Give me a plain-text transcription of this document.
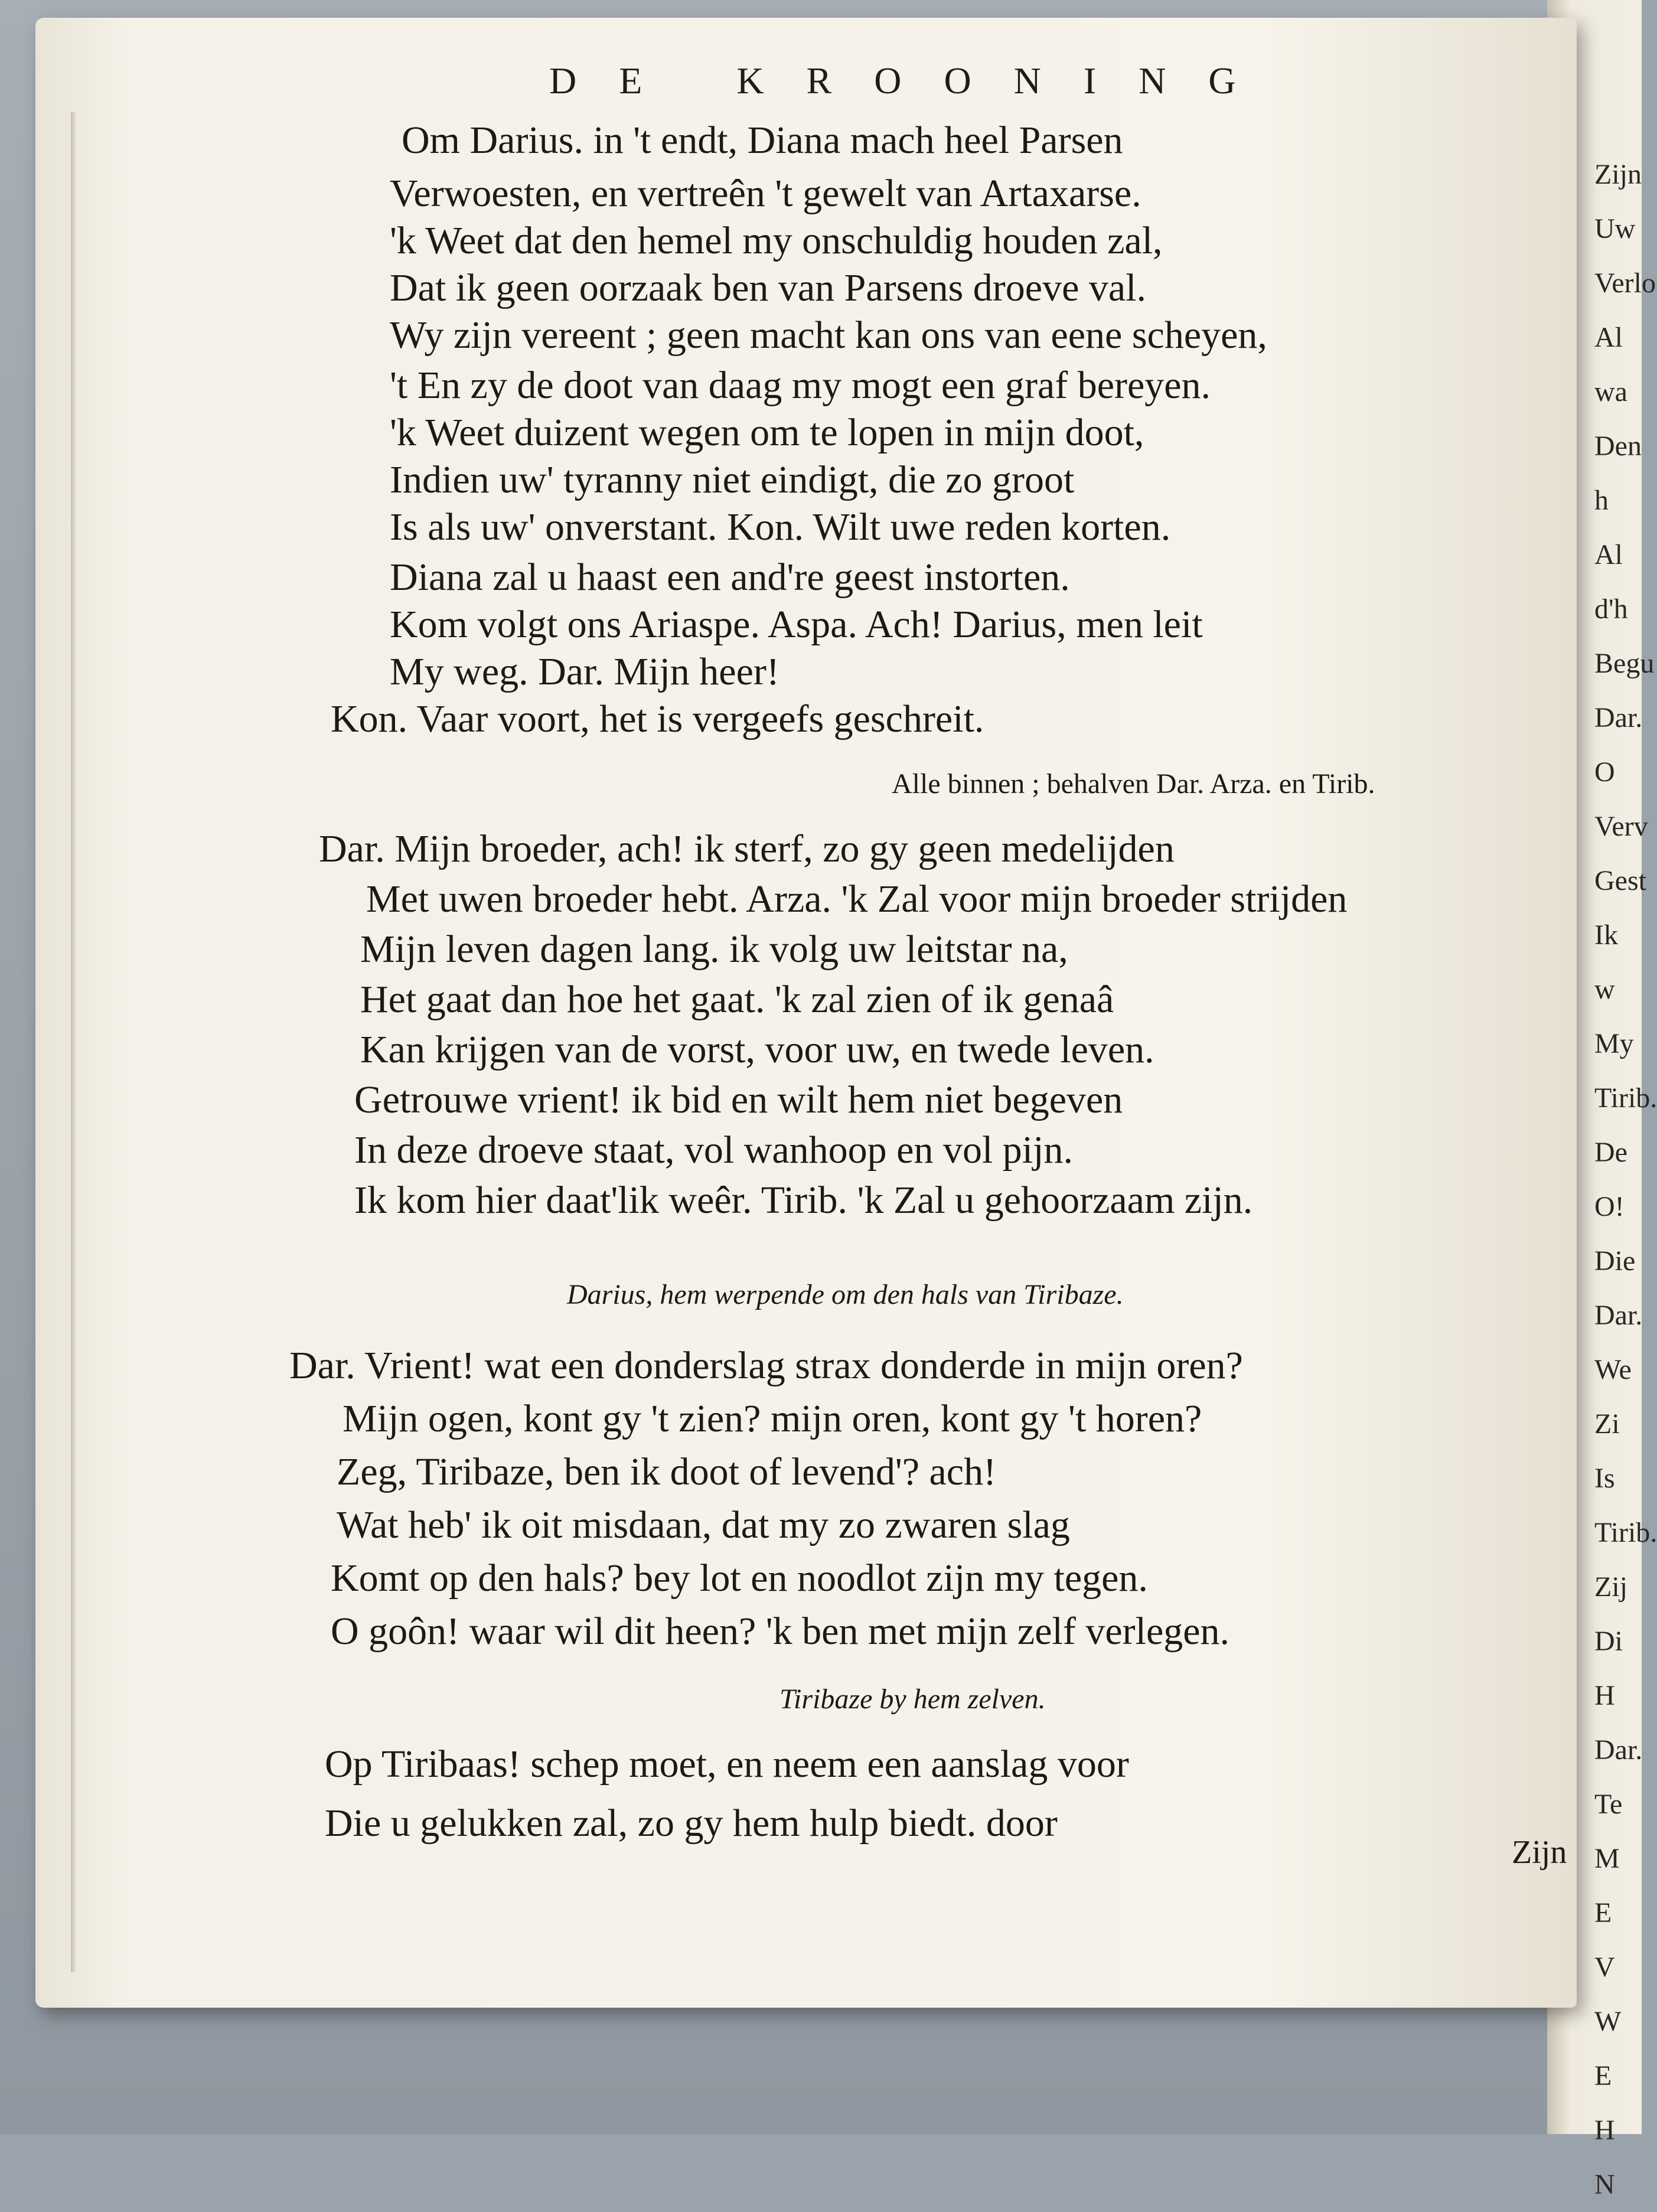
Zijn
Uw
Verlo
Al wa
Den h
Al d'h
Begu
Dar. O
Verv
Gest
Ik w
My
Tirib.
De
O!
Die
Dar.
We
Zi
Is
Tirib.
Zij
Di
H
Dar.
Te
M
E
V
W
E
H
N
DE KROONING
Om Darius. in 't endt, Diana mach heel Parsen
Verwoesten, en vertreên 't gewelt van Artaxarse.
'k Weet dat den hemel my onschuldig houden zal,
Dat ik geen oorzaak ben van Parsens droeve val.
Wy zijn vereent ; geen macht kan ons van eene scheyen,
't En zy de doot van daag my mogt een graf bereyen.
'k Weet duizent wegen om te lopen in mijn doot,
Indien uw' tyranny niet eindigt, die zo groot
Is als uw' onverstant. Kon. Wilt uwe reden korten.
Diana zal u haast een and're geest instorten.
Kom volgt ons Ariaspe. Aspa. Ach! Darius, men leit
My weg. Dar. Mijn heer!
Kon. Vaar voort, het is vergeefs geschreit.
Alle binnen ; behalven Dar. Arza. en Tirib.
Dar. Mijn broeder, ach! ik sterf, zo gy geen medelijden
Met uwen broeder hebt. Arza. 'k Zal voor mijn broeder strijden
Mijn leven dagen lang. ik volg uw leitstar na,
Het gaat dan hoe het gaat. 'k zal zien of ik genaâ
Kan krijgen van de vorst, voor uw, en twede leven.
Getrouwe vrient! ik bid en wilt hem niet begeven
In deze droeve staat, vol wanhoop en vol pijn.
Ik kom hier daat'lik weêr. Tirib. 'k Zal u gehoorzaam zijn.
Darius, hem werpende om den hals van Tiribaze.
Dar. Vrient! wat een donderslag strax donderde in mijn oren?
Mijn ogen, kont gy 't zien? mijn oren, kont gy 't horen?
Zeg, Tiribaze, ben ik doot of levend'? ach!
Wat heb' ik oit misdaan, dat my zo zwaren slag
Komt op den hals? bey lot en noodlot zijn my tegen.
O goôn! waar wil dit heen? 'k ben met mijn zelf verlegen.
Tiribaze by hem zelven.
Op Tiribaas! schep moet, en neem een aanslag voor
Die u gelukken zal, zo gy hem hulp biedt. door
Zijn
